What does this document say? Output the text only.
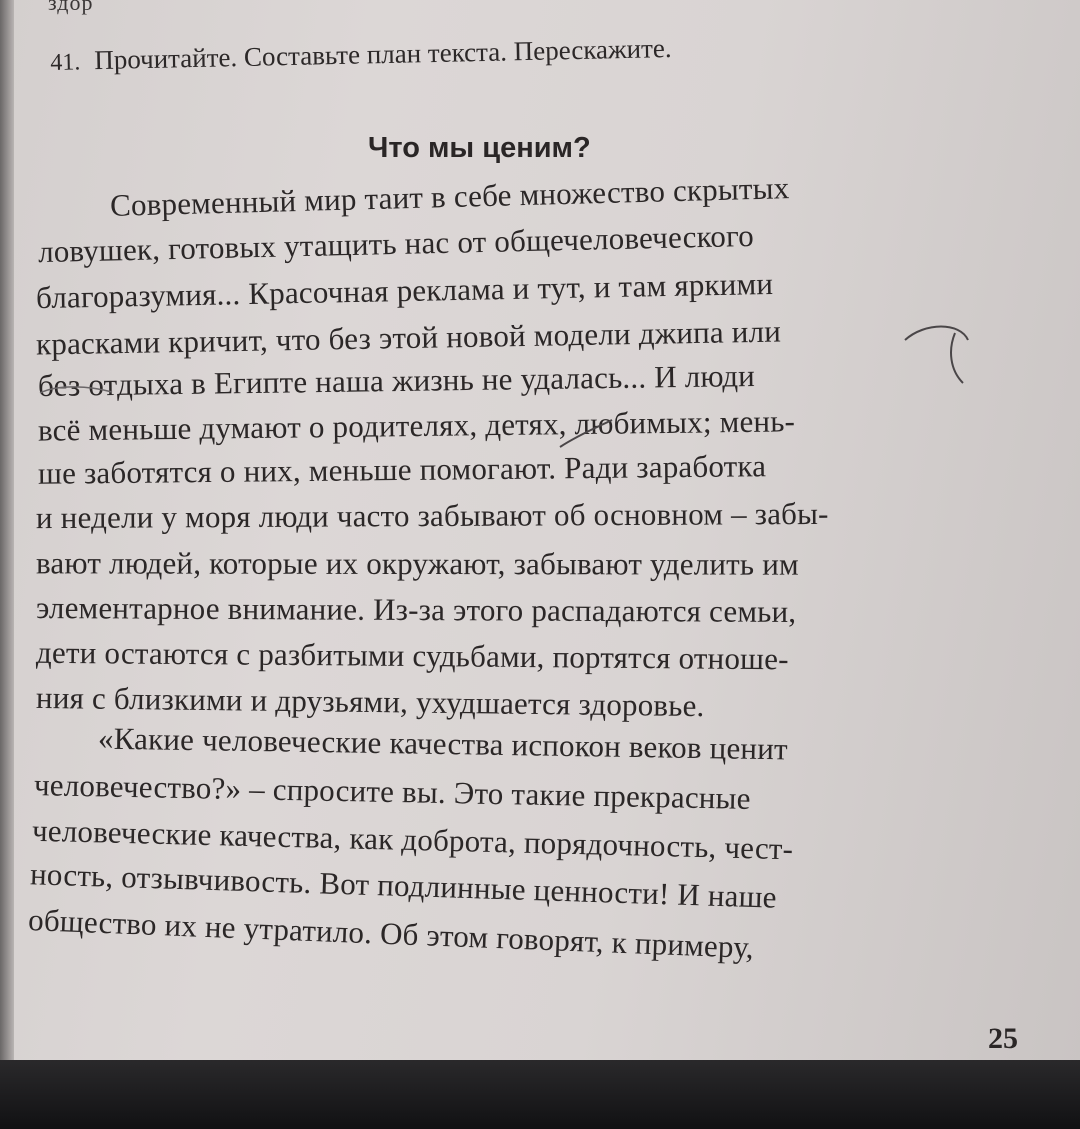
здор
41. Прочитайте. Составьте план текста. Перескажите.
Что мы ценим?
Современный мир таит в себе множество скрытых
ловушек, готовых утащить нас от общечеловеческого
благоразумия... Красочная реклама и тут, и там яркими
красками кричит, что без этой новой модели джипа или
без отдыха в Египте наша жизнь не удалась... И люди
всё меньше думают о родителях, детях, любимых; мень-
ше заботятся о них, меньше помогают. Ради заработка
и недели у моря люди часто забывают об основном – забы-
вают людей, которые их окружают, забывают уделить им
элементарное внимание. Из-за этого распадаются семьи,
дети остаются с разбитыми судьбами, портятся отноше-
ния с близкими и друзьями, ухудшается здоровье.
«Какие человеческие качества испокон веков ценит
человечество?» – спросите вы. Это такие прекрасные
человеческие качества, как доброта, порядочность, чест-
ность, отзывчивость. Вот подлинные ценности! И наше
общество их не утратило. Об этом говорят, к примеру,
25
